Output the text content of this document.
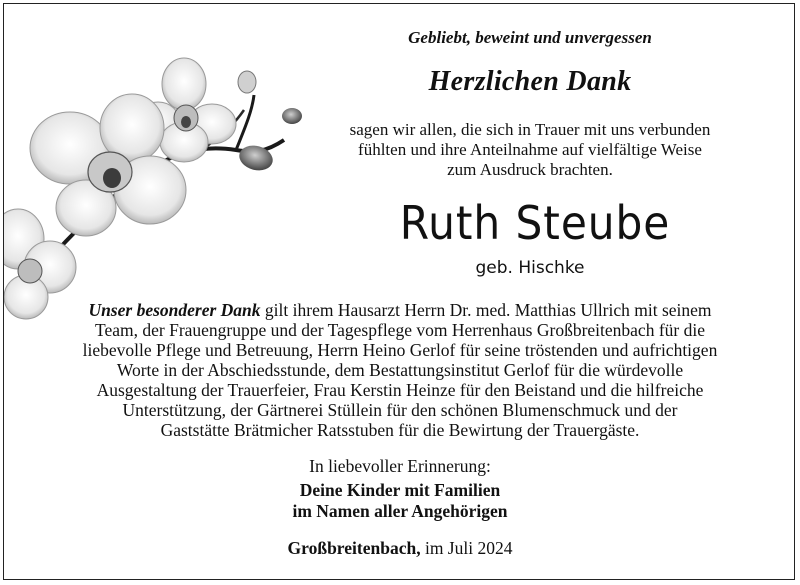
Gebliebt, beweint und unvergessen
Herzlichen Dank
sagen wir allen, die sich in Trauer mit uns verbunden
fühlten und ihre Anteilnahme auf vielfältige Weise
zum Ausdruck brachten.
Ruth Steube
geb. Hischke
Unser besonderer Dank gilt ihrem Hausarzt Herrn Dr. med. Matthias Ullrich mit seinem
Team, der Frauengruppe und der Tagespflege vom Herrenhaus Großbreitenbach für die
liebevolle Pflege und Betreuung, Herrn Heino Gerlof für seine tröstenden und aufrichtigen
Worte in der Abschiedsstunde, dem Bestattungsinstitut Gerlof für die würdevolle
Ausgestaltung der Trauerfeier, Frau Kerstin Heinze für den Beistand und die hilfreiche
Unterstützung, der Gärtnerei Stüllein für den schönen Blumenschmuck und der
Gaststätte Brätmicher Ratsstuben für die Bewirtung der Trauergäste.
In liebevoller Erinnerung:
Deine Kinder mit Familien
im Namen aller Angehörigen
Großbreitenbach, im Juli 2024
